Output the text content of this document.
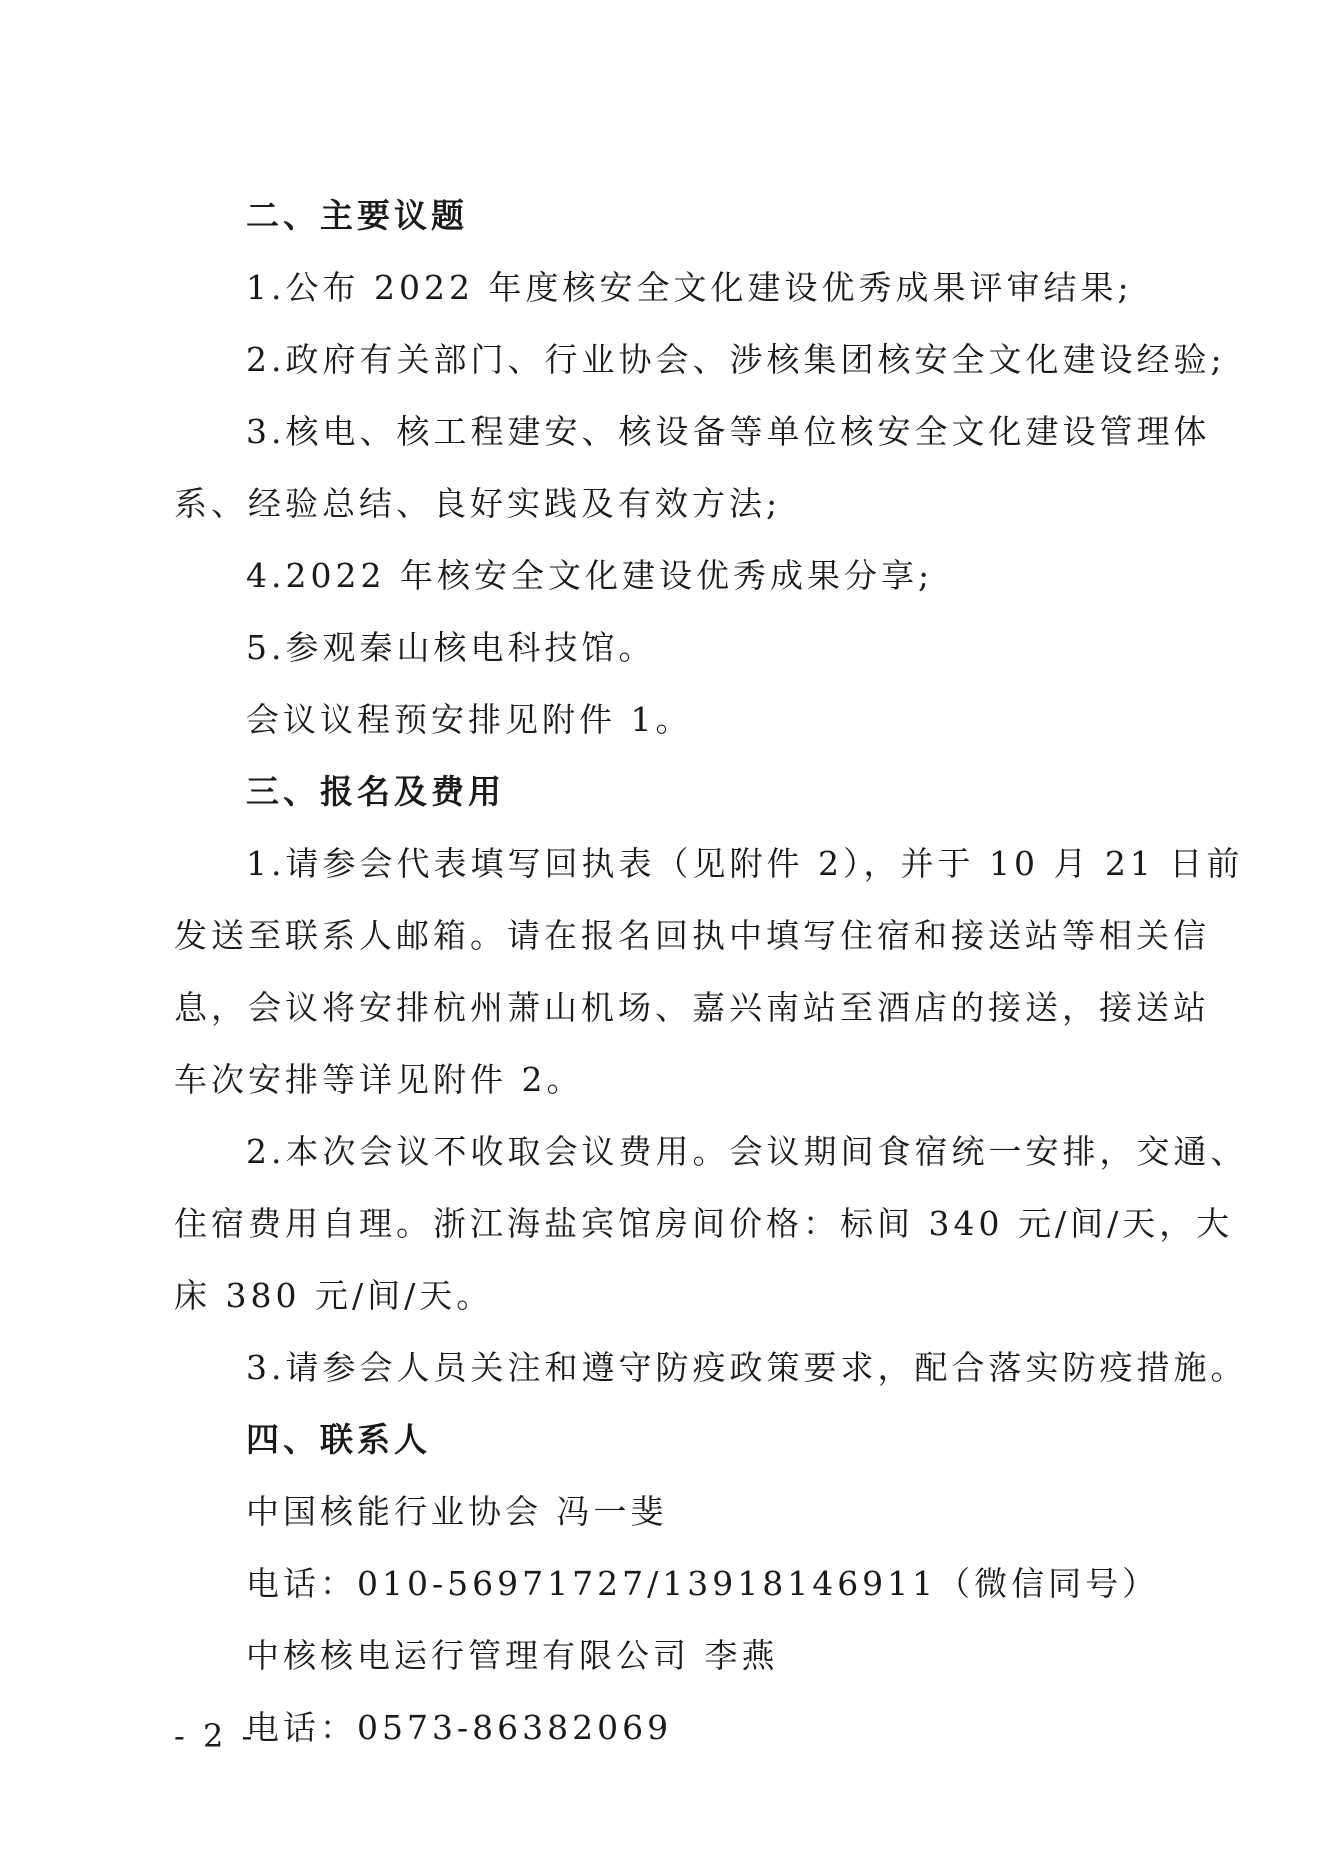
二、主要议题
1.公布 2022 年度核安全文化建设优秀成果评审结果;
2.政府有关部门、行业协会、涉核集团核安全文化建设经验;
3.核电、核工程建安、核设备等单位核安全文化建设管理体
系、经验总结、良好实践及有效方法;
4.2022 年核安全文化建设优秀成果分享;
5.参观秦山核电科技馆。
会议议程预安排见附件 1。
三、报名及费用
1.请参会代表填写回执表（见附件 2），并于 10 月 21 日前
发送至联系人邮箱。请在报名回执中填写住宿和接送站等相关信
息，会议将安排杭州萧山机场、嘉兴南站至酒店的接送，接送站
车次安排等详见附件 2。
2.本次会议不收取会议费用。会议期间食宿统一安排，交通、
住宿费用自理。浙江海盐宾馆房间价格：标间 340 元/间/天，大
床 380 元/间/天。
3.请参会人员关注和遵守防疫政策要求，配合落实防疫措施。
四、联系人
中国核能行业协会 冯一斐
电话：010-56971727/13918146911（微信同号）
中核核电运行管理有限公司 李燕
电话：0573-86382069
- 2 -
